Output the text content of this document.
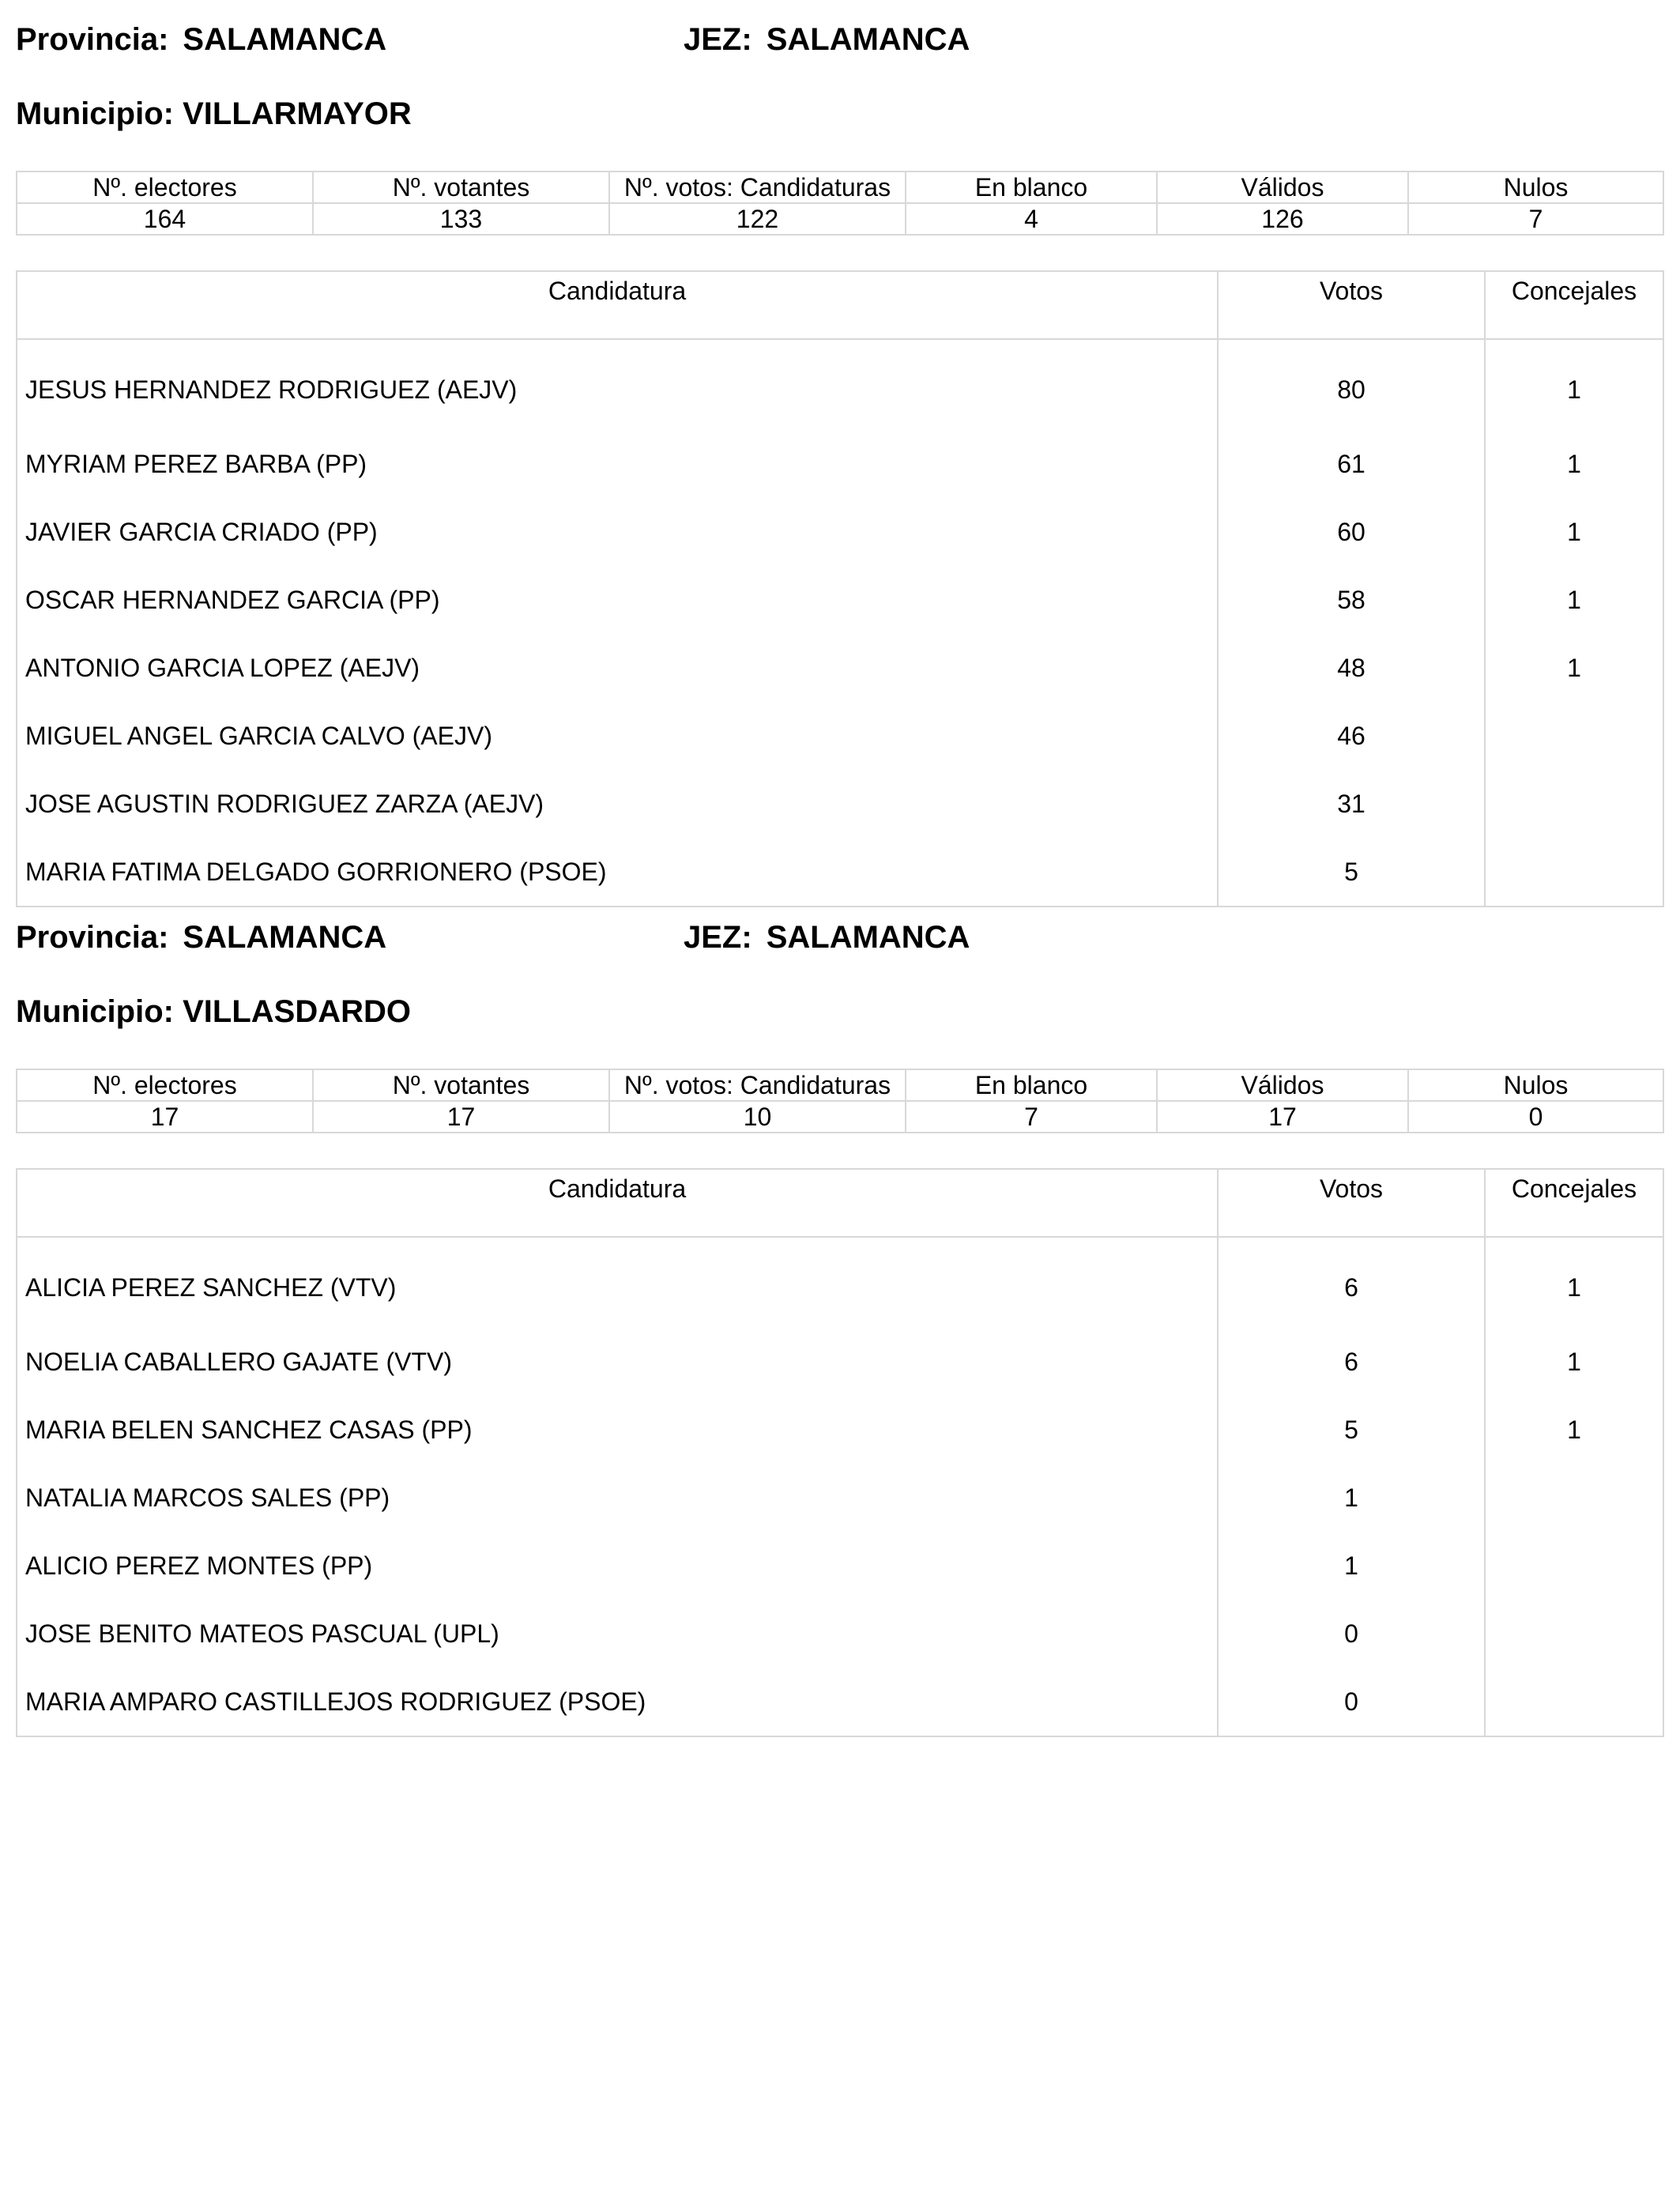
Provincia: SALAMANCA	JEZ: SALAMANCA
Municipio: VILLARMAYOR
Nº. electores	Nº. votantes	Nº. votos: Candidaturas	En blanco	Válidos	Nulos
164	133	122	4	126	7
Candidatura	Votos	Concejales
JESUS HERNANDEZ RODRIGUEZ (AEJV)	80	1
MYRIAM PEREZ BARBA (PP)	61	1
JAVIER GARCIA CRIADO (PP)	60	1
OSCAR HERNANDEZ GARCIA (PP)	58	1
ANTONIO GARCIA LOPEZ (AEJV)	48	1
MIGUEL ANGEL GARCIA CALVO (AEJV)	46	
JOSE AGUSTIN RODRIGUEZ ZARZA (AEJV)	31	
MARIA FATIMA DELGADO GORRIONERO (PSOE)	5	
Provincia: SALAMANCA	JEZ: SALAMANCA
Municipio: VILLASDARDO
Nº. electores	Nº. votantes	Nº. votos: Candidaturas	En blanco	Válidos	Nulos
17	17	10	7	17	0
Candidatura	Votos	Concejales
ALICIA PEREZ SANCHEZ (VTV)	6	1
NOELIA CABALLERO GAJATE (VTV)	6	1
MARIA BELEN SANCHEZ CASAS (PP)	5	1
NATALIA MARCOS SALES (PP)	1	
ALICIO PEREZ MONTES (PP)	1	
JOSE BENITO MATEOS PASCUAL (UPL)	0	
MARIA AMPARO CASTILLEJOS RODRIGUEZ (PSOE)	0	
